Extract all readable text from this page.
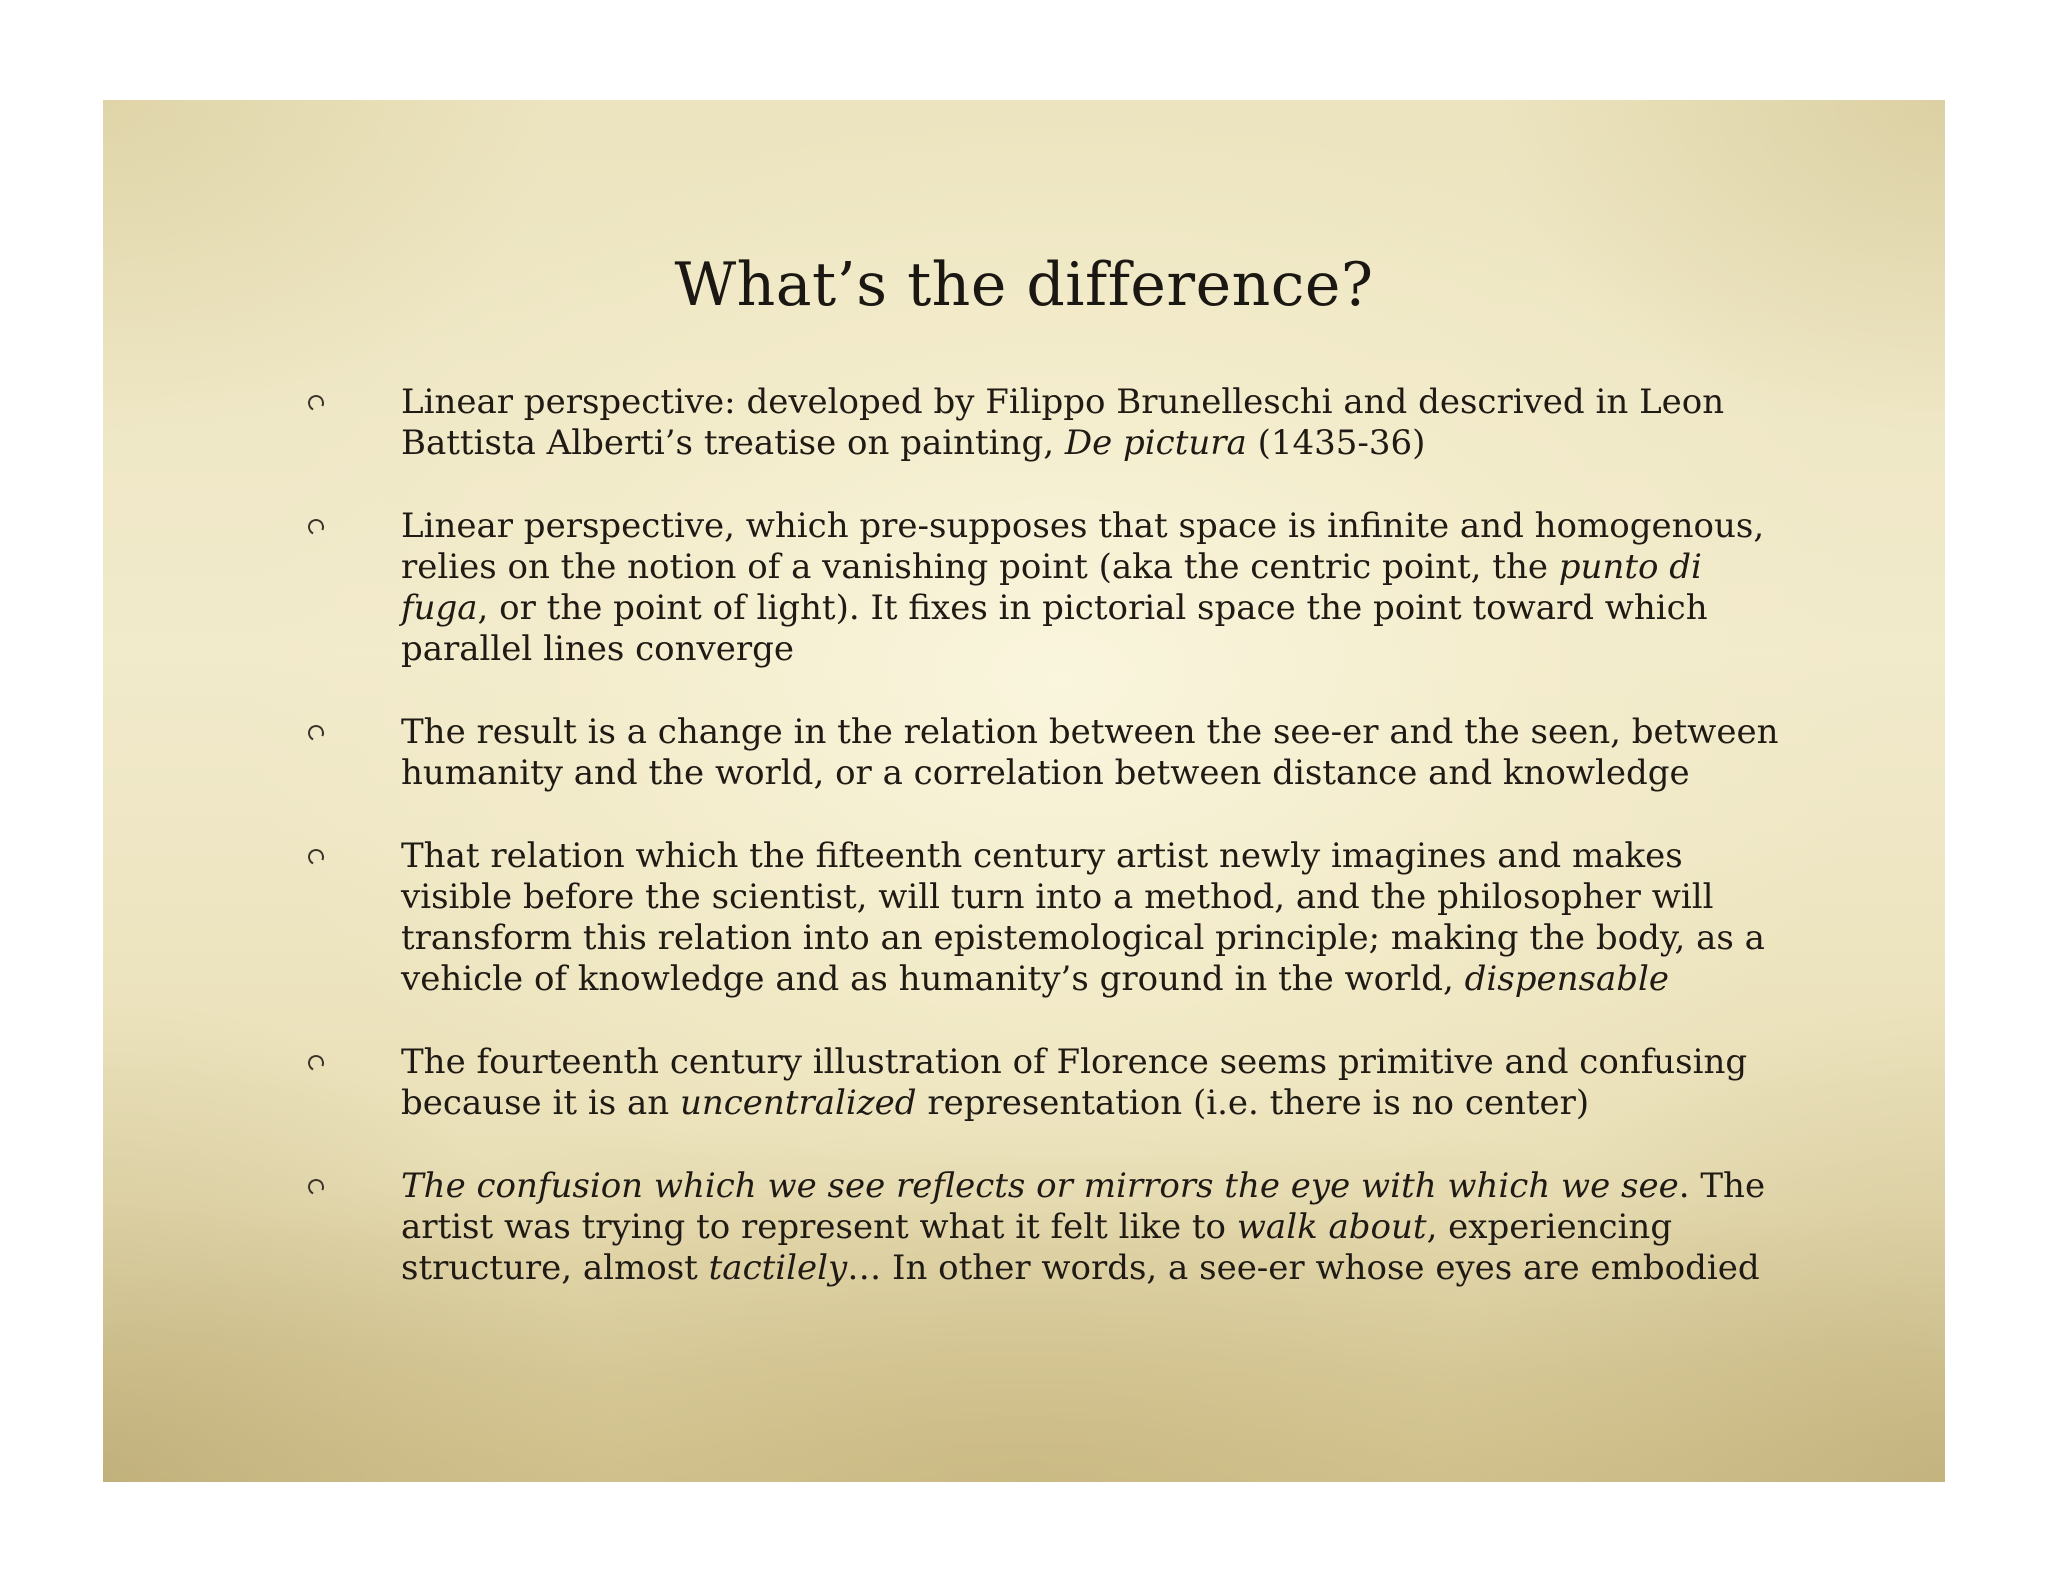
What’s the difference?
Linear perspective: developed by Filippo Brunelleschi and descrived in Leon Battista Alberti’s treatise on painting, De pictura (1435-36)
Linear perspective, which pre-supposes that space is infinite and homogenous, relies on the notion of a vanishing point (aka the centric point, the punto di fuga, or the point of light). It fixes in pictorial space the point toward which parallel lines converge
The result is a change in the relation between the see-er and the seen, between humanity and the world, or a correlation between distance and knowledge
That relation which the fifteenth century artist newly imagines and makes visible before the scientist, will turn into a method, and the philosopher will transform this relation into an epistemological principle; making the body, as a vehicle of knowledge and as humanity’s ground in the world, dispensable
The fourteenth century illustration of Florence seems primitive and confusing because it is an uncentralized representation (i.e. there is no center)
The confusion which we see reflects or mirrors the eye with which we see. The artist was trying to represent what it felt like to walk about, experiencing structure, almost tactilely… In other words, a see-er whose eyes are embodied
